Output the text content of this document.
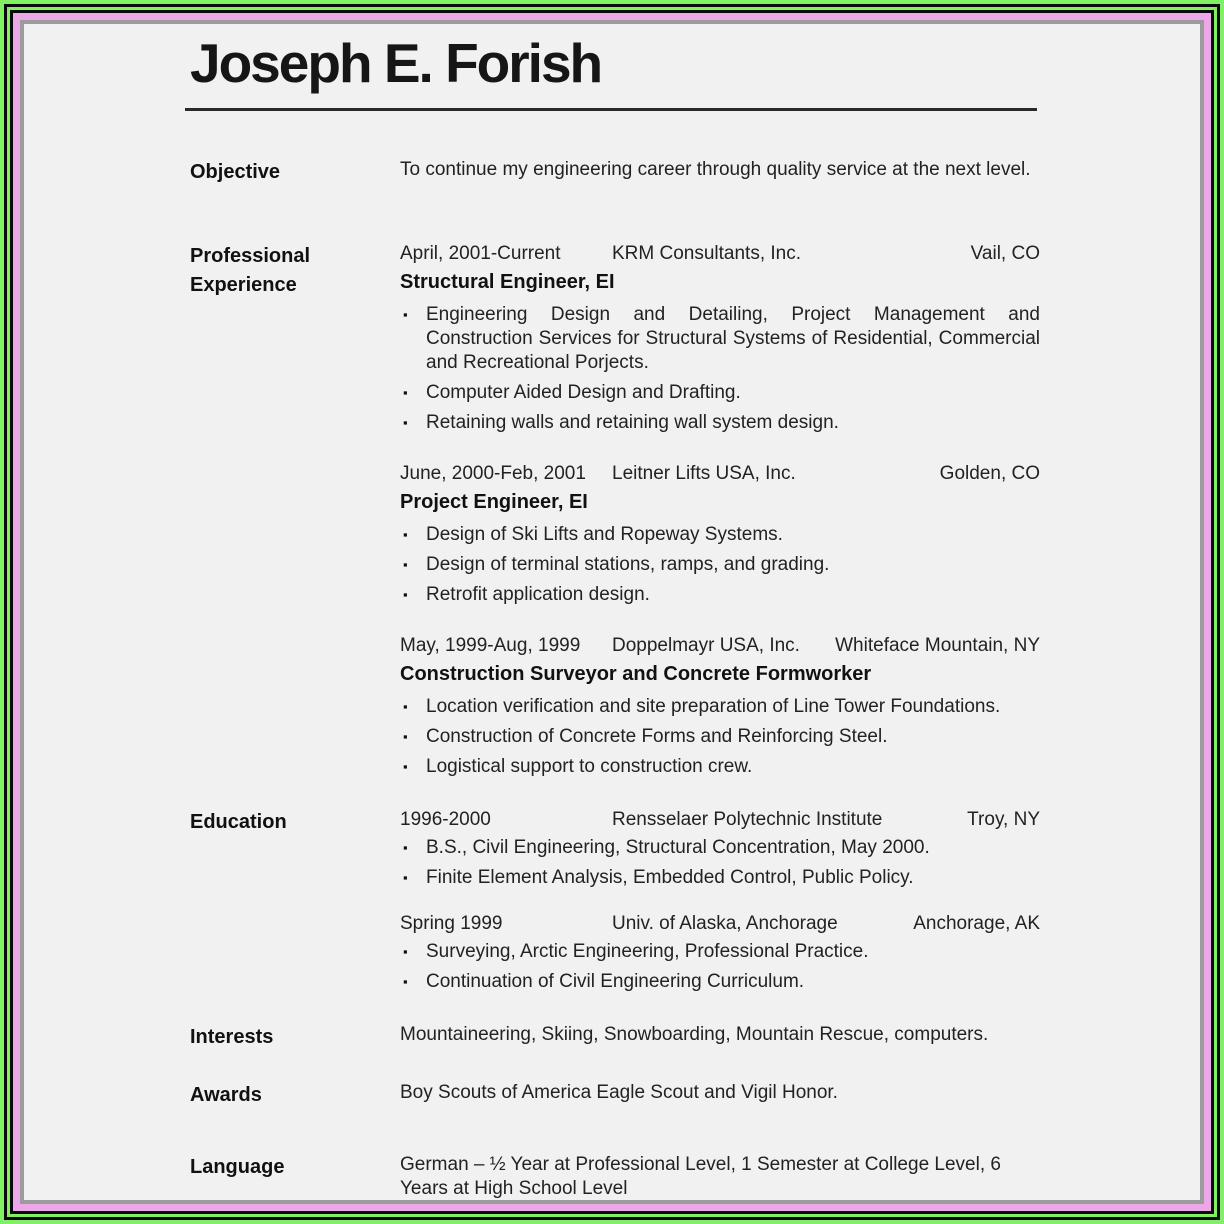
Joseph E. Forish
Objective	To continue my engineering career through quality service at the next level.
Professional
Experience
April, 2001-Current	KRM Consultants, Inc.	Vail, CO
Structural Engineer, EI
▪ Engineering Design and Detailing, Project Management and Construction Services for Structural Systems of Residential, Commercial and Recreational Porjects.
▪ Computer Aided Design and Drafting.
▪ Retaining walls and retaining wall system design.
June, 2000-Feb, 2001	Leitner Lifts USA, Inc.	Golden, CO
Project Engineer, EI
▪ Design of Ski Lifts and Ropeway Systems.
▪ Design of terminal stations, ramps, and grading.
▪ Retrofit application design.
May, 1999-Aug, 1999	Doppelmayr USA, Inc.	Whiteface Mountain, NY
Construction Surveyor and Concrete Formworker
▪ Location verification and site preparation of Line Tower Foundations.
▪ Construction of Concrete Forms and Reinforcing Steel.
▪ Logistical support to construction crew.
Education	1996-2000	Rensselaer Polytechnic Institute	Troy, NY
▪ B.S., Civil Engineering, Structural Concentration, May 2000.
▪ Finite Element Analysis, Embedded Control, Public Policy.
Spring 1999	Univ. of Alaska, Anchorage	Anchorage, AK
▪ Surveying, Arctic Engineering, Professional Practice.
▪ Continuation of Civil Engineering Curriculum.
Interests	Mountaineering, Skiing, Snowboarding, Mountain Rescue, computers.
Awards	Boy Scouts of America Eagle Scout and Vigil Honor.
Language	German – ½ Year at Professional Level, 1 Semester at College Level, 6 Years at High School Level
